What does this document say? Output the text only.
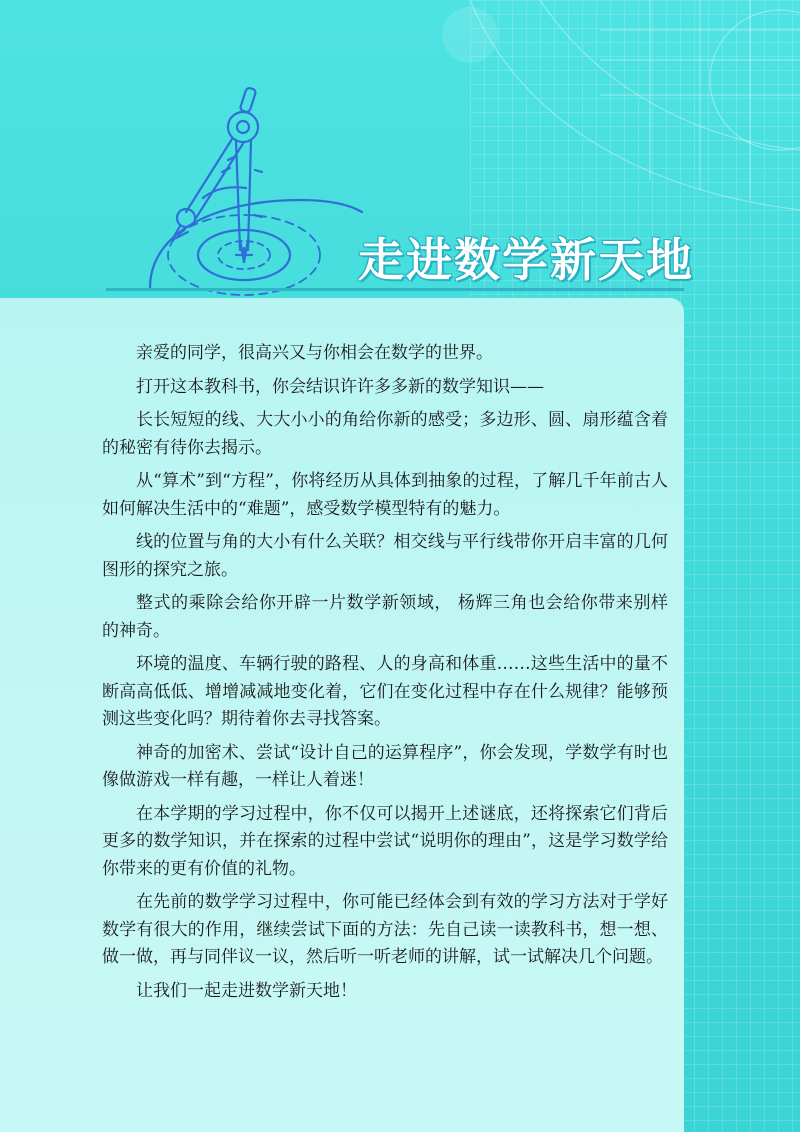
走进数学新天地

亲爱的同学，很高兴又与你相会在数学的世界。

打开这本教科书，你会结识许许多多新的数学知识——

长长短短的线、大大小小的角给你新的感受；多边形、圆、扇形蕴含着的秘密有待你去揭示。

从“算术”到“方程”，你将经历从具体到抽象的过程，了解几千年前古人如何解决生活中的“难题”，感受数学模型特有的魅力。

线的位置与角的大小有什么关联？相交线与平行线带你开启丰富的几何图形的探究之旅。

整式的乘除会给你开辟一片数学新领域， 杨辉三角也会给你带来别样的神奇。

环境的温度、车辆行驶的路程、人的身高和体重……这些生活中的量不断高高低低、增增减减地变化着，它们在变化过程中存在什么规律？能够预测这些变化吗？期待着你去寻找答案。

神奇的加密术、尝试“设计自己的运算程序”，你会发现，学数学有时也像做游戏一样有趣，一样让人着迷！

在本学期的学习过程中，你不仅可以揭开上述谜底，还将探索它们背后更多的数学知识，并在探索的过程中尝试“说明你的理由”，这是学习数学给你带来的更有价值的礼物。

在先前的数学学习过程中，你可能已经体会到有效的学习方法对于学好数学有很大的作用，继续尝试下面的方法：先自己读一读教科书，想一想、做一做，再与同伴议一议，然后听一听老师的讲解，试一试解决几个问题。

让我们一起走进数学新天地！
